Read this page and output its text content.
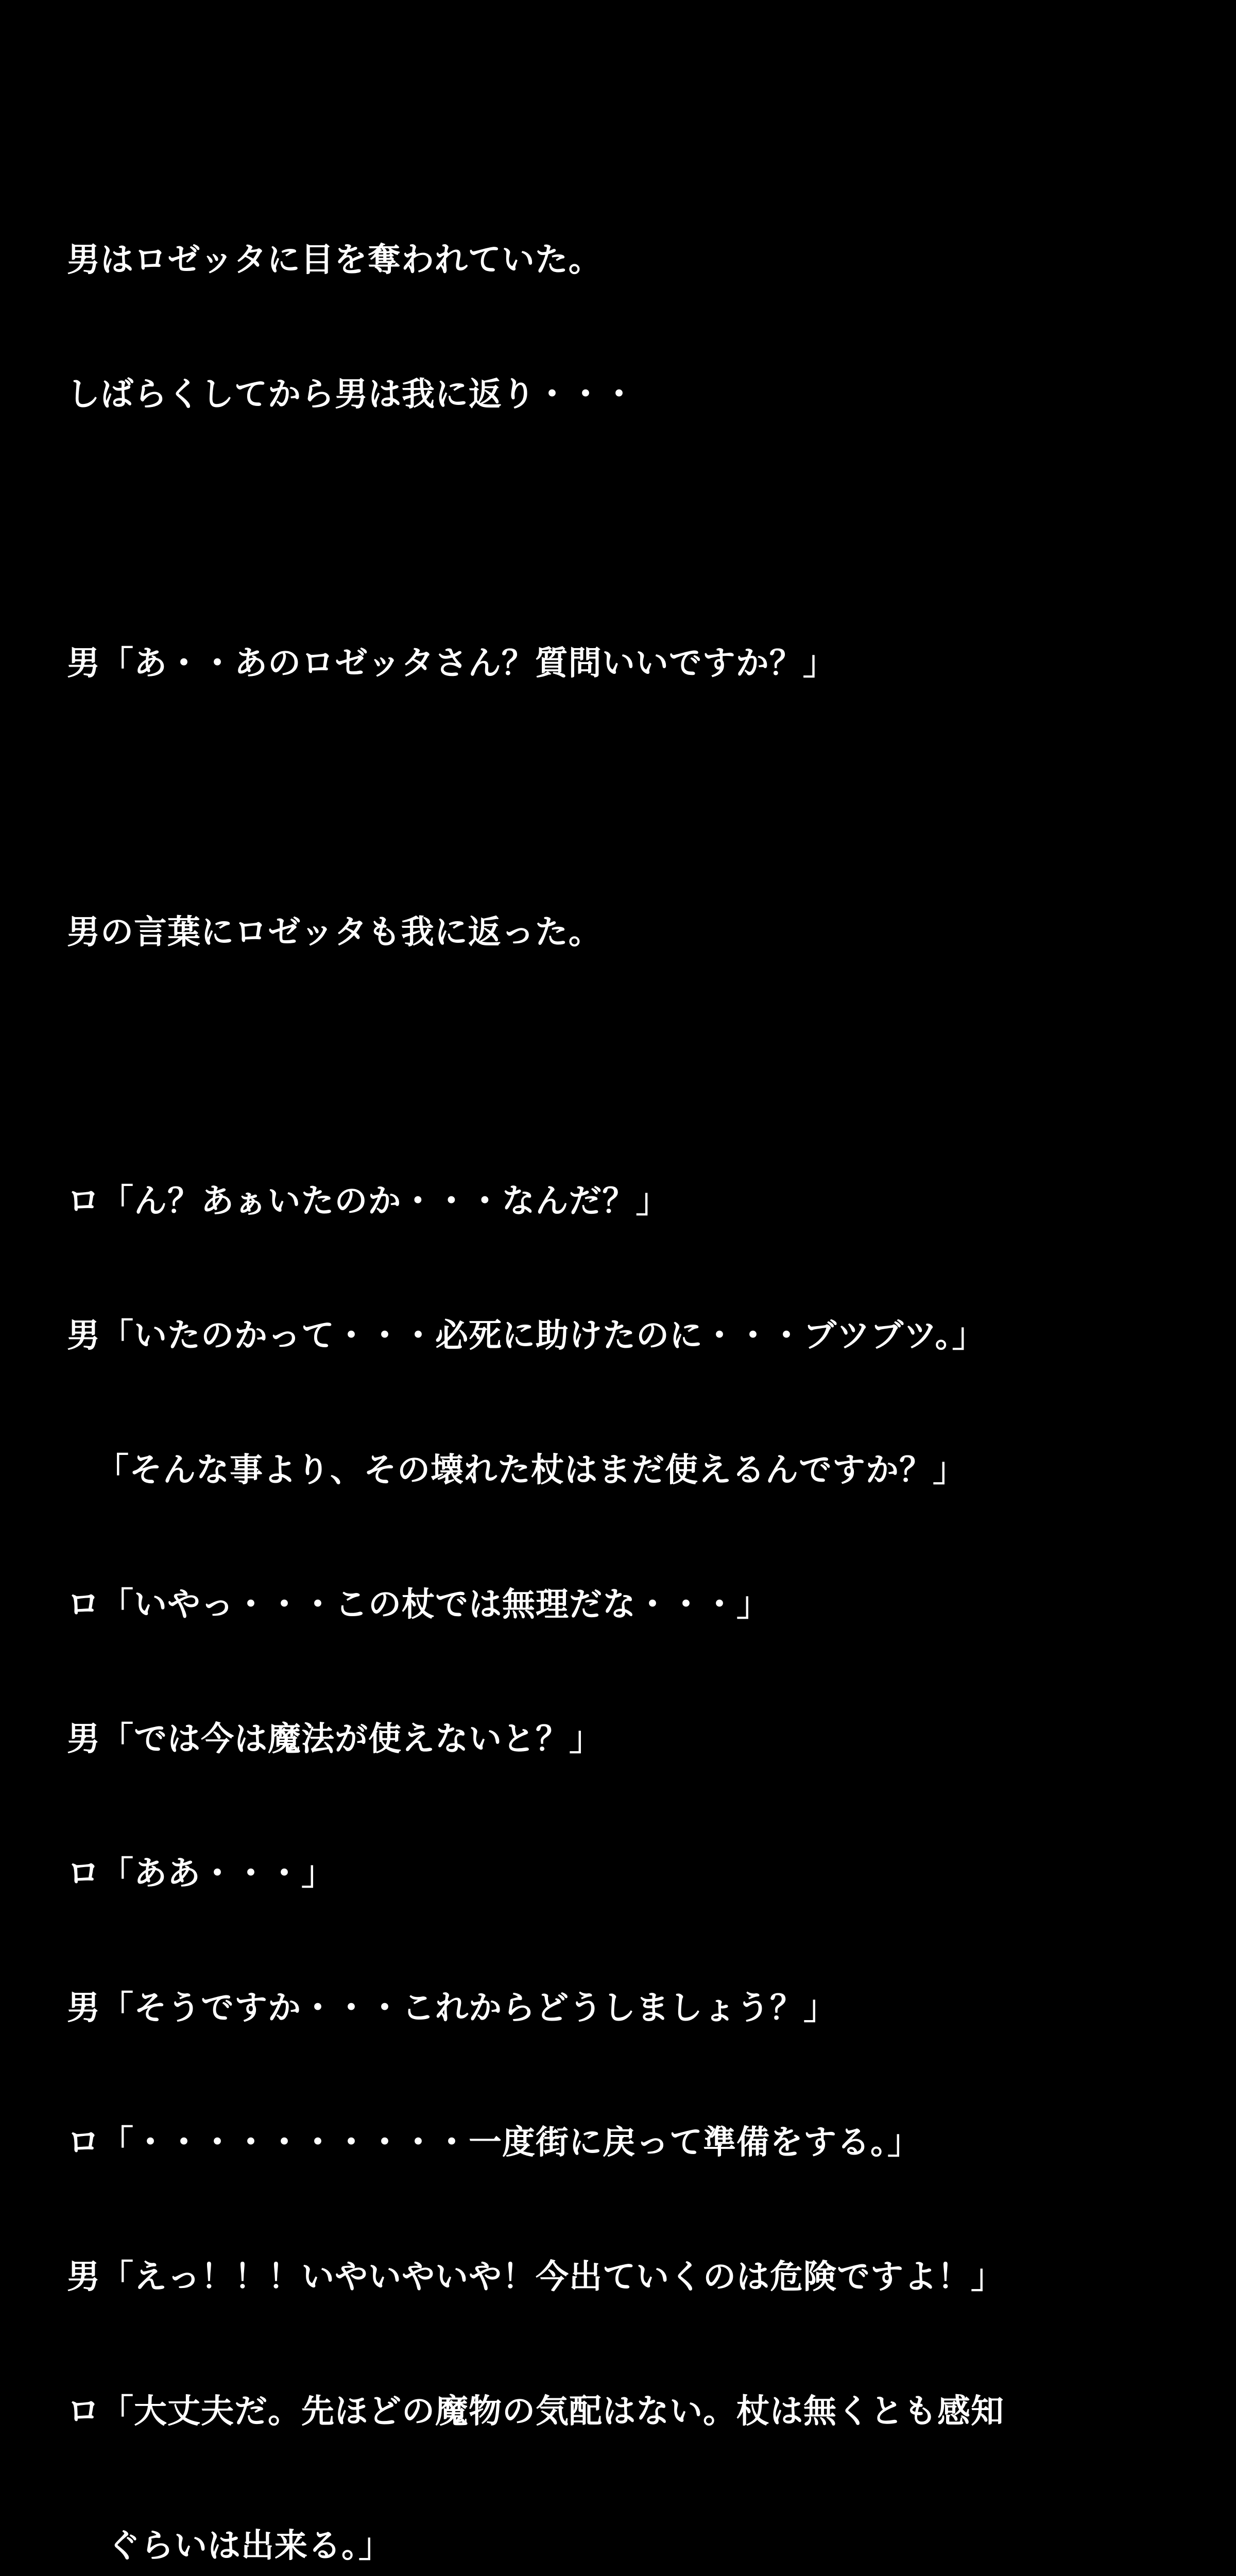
男はロゼッタに目を奪われていた。

しばらくしてから男は我に返り・・・

男「あ・・あのロゼッタさん？質問いいですか？」

男の言葉にロゼッタも我に返った。

ロ「ん？あぁいたのか・・・なんだ？」

男「いたのかって・・・必死に助けたのに・・・ブツブツ。」

「そんな事より、その壊れた杖はまだ使えるんですか？」

ロ「いやっ・・・この杖では無理だな・・・」

男「では今は魔法が使えないと？」

ロ「ああ・・・」

男「そうですか・・・これからどうしましょう？」

ロ「・・・・・・・・・・一度街に戻って準備をする。」

男「えっ！！！いやいやいや！今出ていくのは危険ですよ！」

ロ「大丈夫だ。先ほどの魔物の気配はない。杖は無くとも感知

ぐらいは出来る。」
